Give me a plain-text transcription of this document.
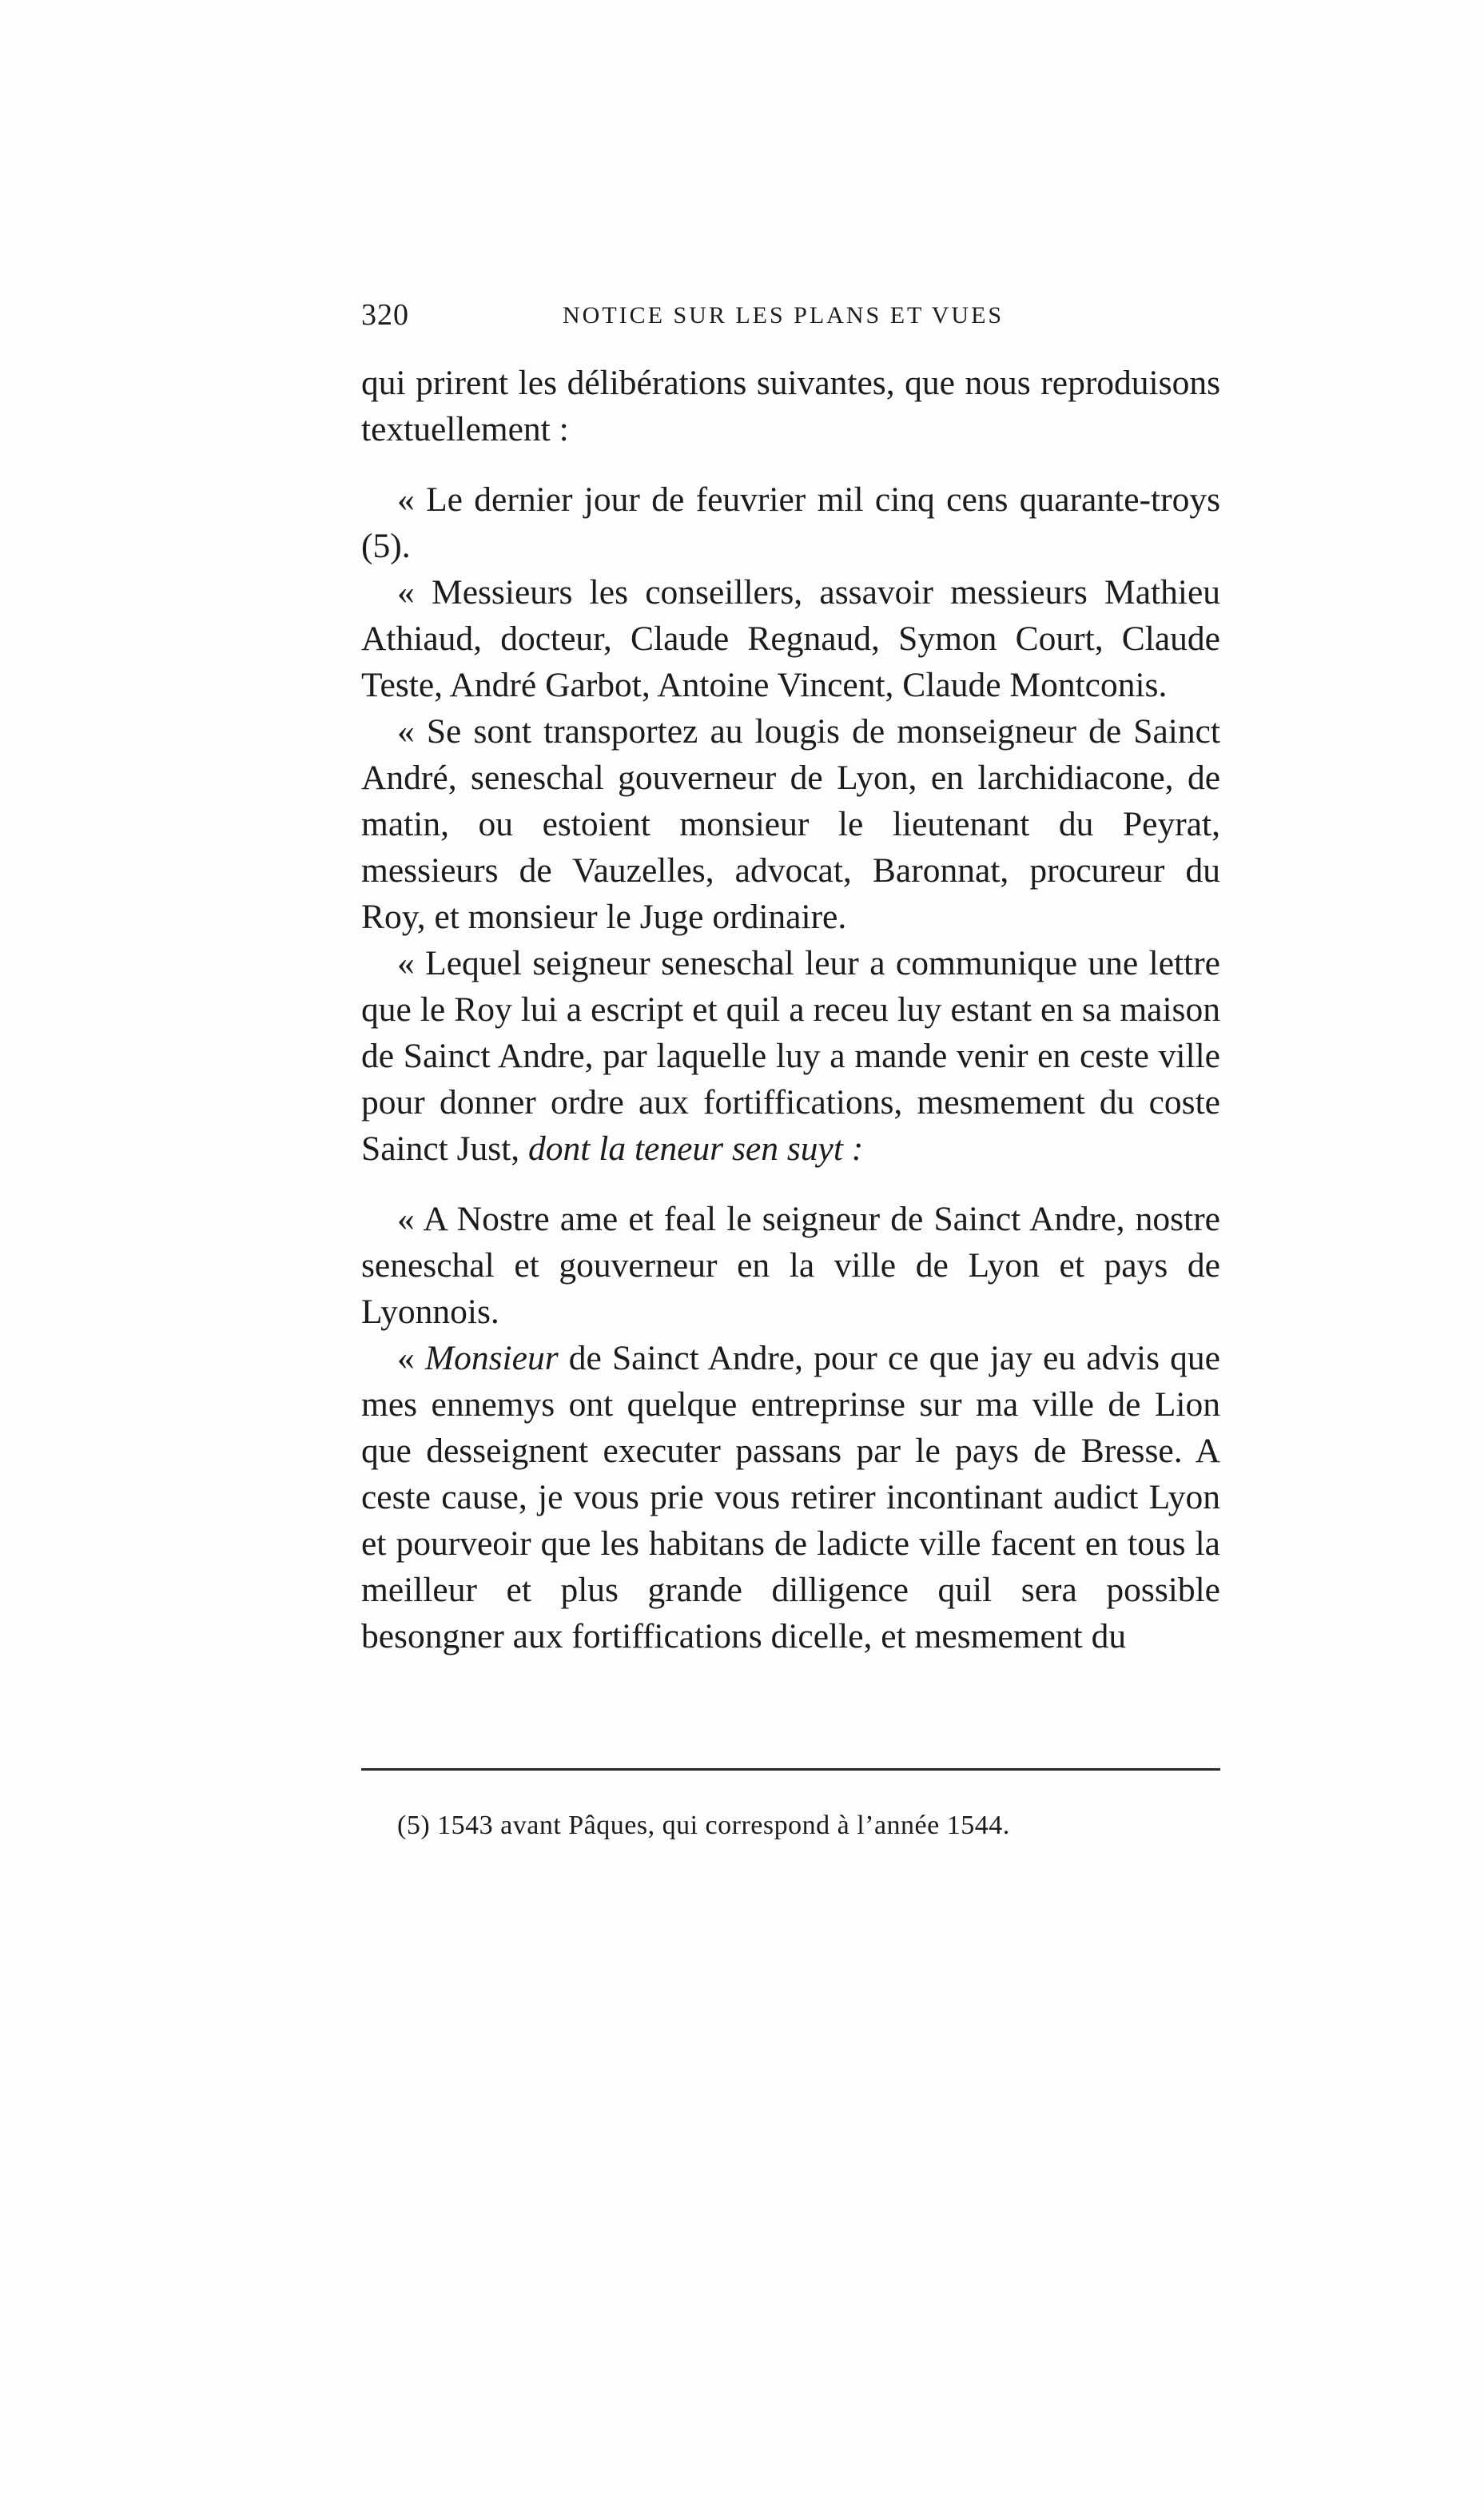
320	NOTICE SUR LES PLANS ET VUES

qui prirent les délibérations suivantes, que nous reproduisons textuellement :

« Le dernier jour de feuvrier mil cinq cens quarante-troys (5).

« Messieurs les conseillers, assavoir messieurs Mathieu Athiaud, docteur, Claude Regnaud, Symon Court, Claude Teste, André Garbot, Antoine Vincent, Claude Montconis.

« Se sont transportez au lougis de monseigneur de Sainct André, seneschal gouverneur de Lyon, en larchidiacone, de matin, ou estoient monsieur le lieutenant du Peyrat, messieurs de Vauzelles, advocat, Baronnat, procureur du Roy, et monsieur le Juge ordinaire.

« Lequel seigneur seneschal leur a communique une lettre que le Roy lui a escript et quil a receu luy estant en sa maison de Sainct Andre, par laquelle luy a mande venir en ceste ville pour donner ordre aux fortiffications, mesmement du coste Sainct Just, dont la teneur sen suyt :

« A Nostre ame et feal le seigneur de Sainct Andre, nostre seneschal et gouverneur en la ville de Lyon et pays de Lyonnois.

« Monsieur de Sainct Andre, pour ce que jay eu advis que mes ennemys ont quelque entreprinse sur ma ville de Lion que desseignent executer passans par le pays de Bresse. A ceste cause, je vous prie vous retirer incontinant audict Lyon et pourveoir que les habitans de ladicte ville facent en tous la meilleur et plus grande dilligence quil sera possible besongner aux fortiffications dicelle, et mesmement du

(5) 1543 avant Pâques, qui correspond à l’année 1544.
